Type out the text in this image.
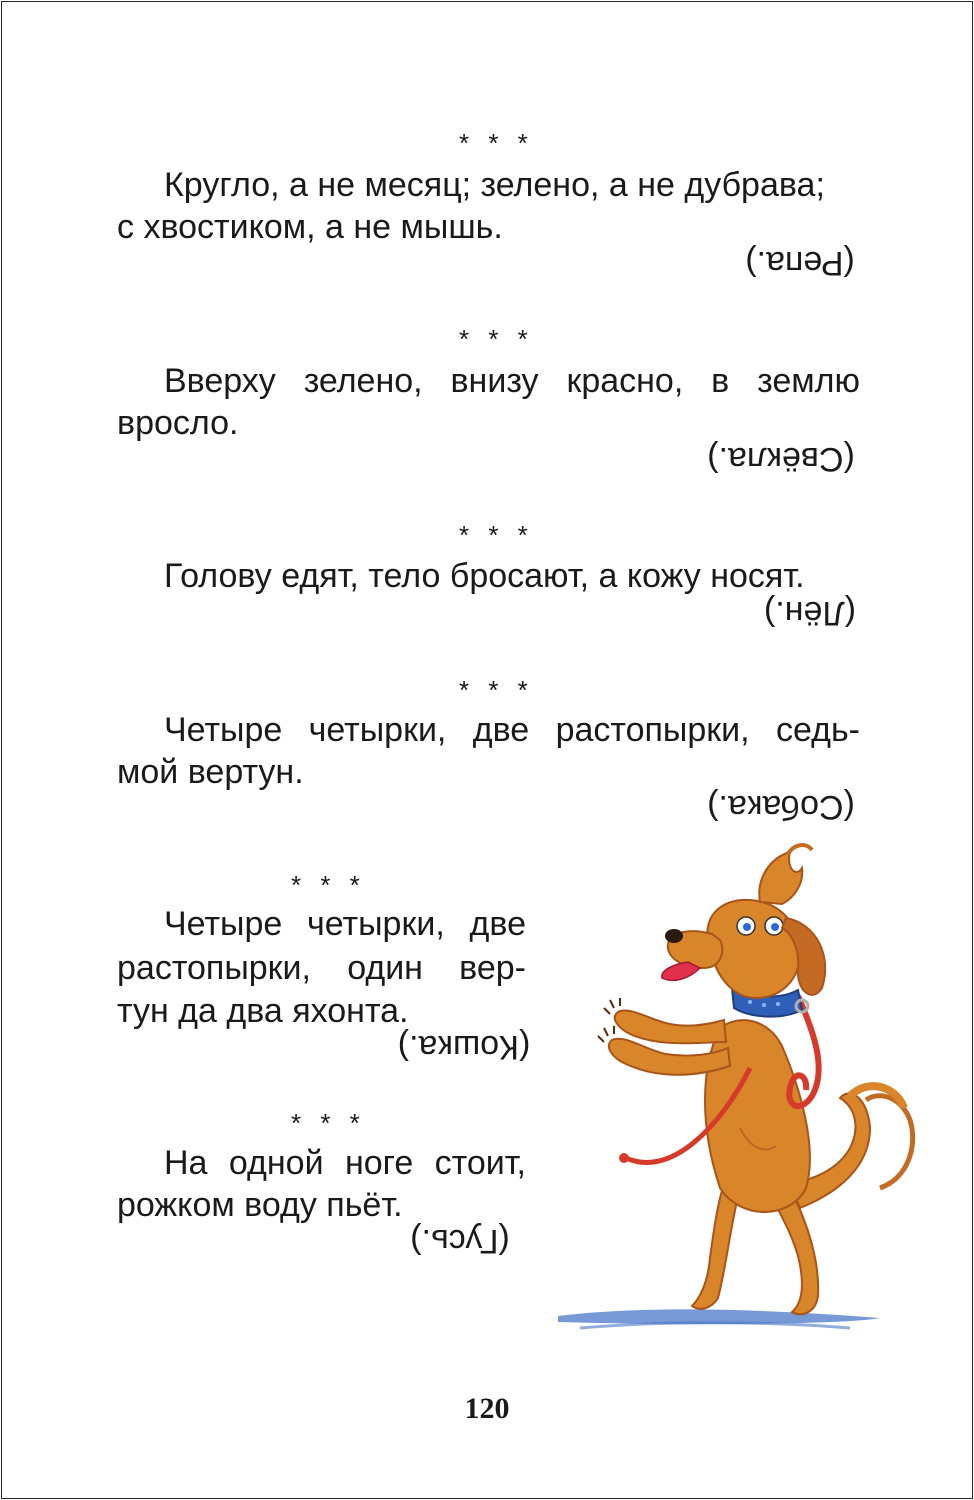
* * *
Кругло, а не месяц; зелено, а не дубрава;
с хвостиком, а не мышь.
(Репа.)
* * *
Вверху зелено, внизу красно, в землю
вросло.
(Свёкла.)
* * *
Голову едят, тело бросают, а кожу носят.
(Лён.)
* * *
Четыре четырки, две растопырки, седь-
мой вертун.
(Собака.)
* * *
Четыре четырки, две
растопырки, один вер-
тун да два яхонта.
(Кошка.)
* * *
На одной ноге стоит,
рожком воду пьёт.
(Гусь.)
120
